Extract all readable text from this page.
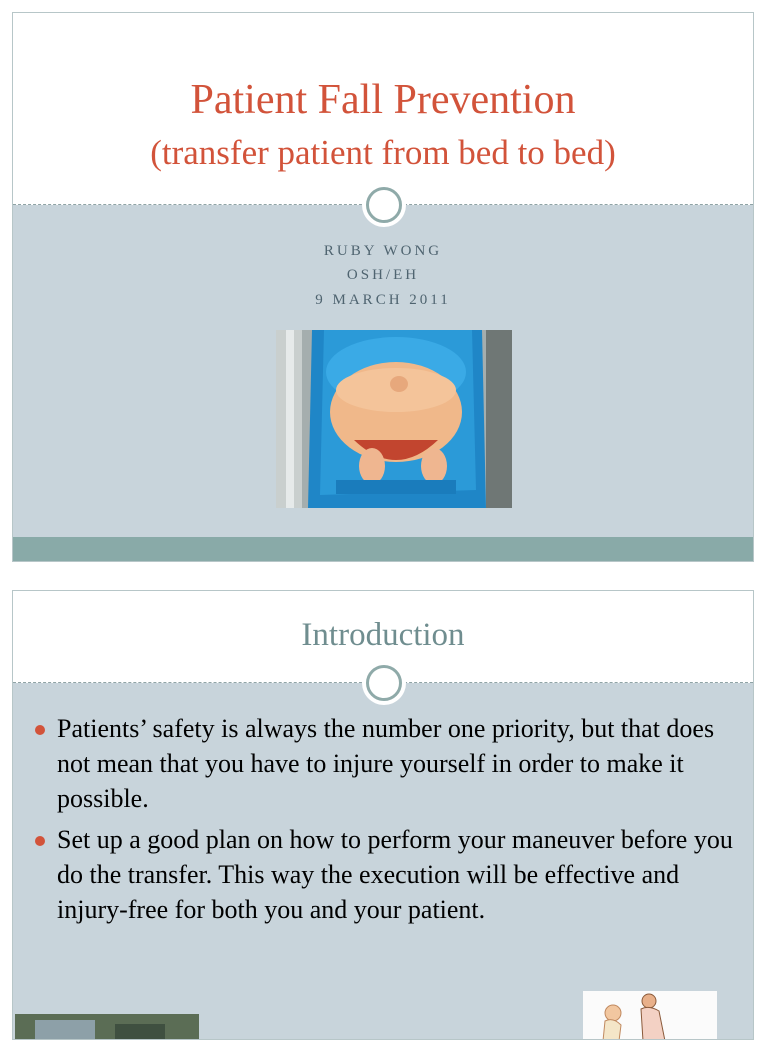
Patient Fall Prevention
(transfer patient from bed to bed)
RUBY WONG
OSH/EH
9 MARCH 2011
Introduction
Patients’ safety is always the number one priority, but that does not mean that you have to injure yourself in order to make it possible.
Set up a good plan on how to perform your maneuver before you do the transfer. This way the execution will be effective and injury-free for both you and your patient.
